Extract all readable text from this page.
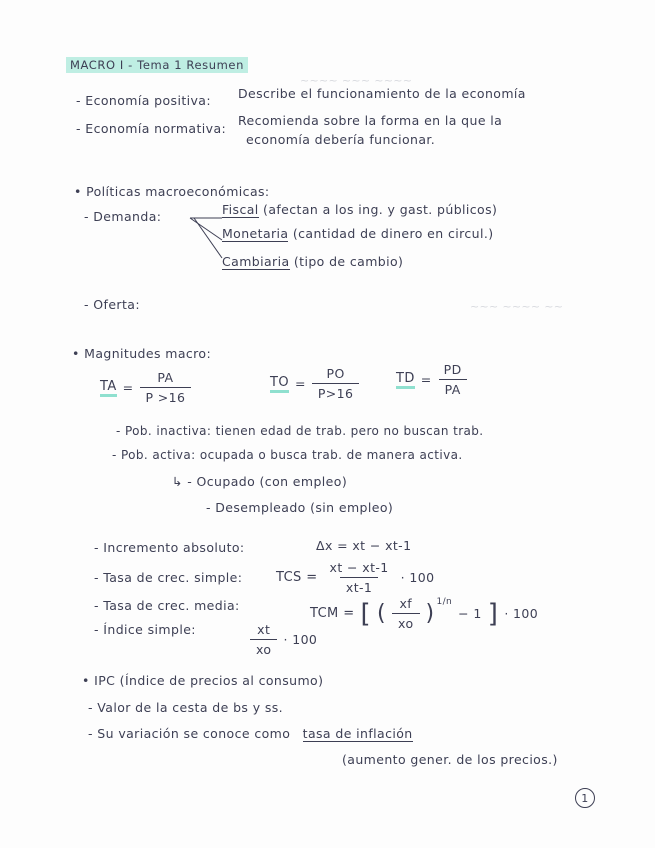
~~~~ ~~~ ~~~~
~~~ ~~~~ ~~
MACRO I - Tema 1 Resumen
- Economía positiva: Describe el funcionamiento de la economía
- Economía normativa:
Recomienda sobre la forma en la que la
economía debería funcionar.
• Políticas macroeconómicas:
- Demanda:	Fiscal (afectan a los ing. y gast. públicos)
Monetaria (cantidad de dinero en circul.)
Cambiaria (tipo de cambio)
- Oferta:
• Magnitudes macro:
TA = $\frac{PA}{P >16}$	TO = $\frac{PO}{P>16}$	TD = $\frac{PD}{PA}$
- Pob. inactiva: tienen edad de trab. pero no buscan trab.
- Pob. activa: ocupada o busca trab. de manera activa.
↳ - Ocupado (con empleo)
- Desempleado (sin empleo)
- Incremento absoluto:	Δx = xt − xt-1
- Tasa de crec. simple:	TCS = $\frac{xt - xt-1}{xt-1} \cdot 100$
- Tasa de crec. media:
TCM = [ ( $\frac{xf}{xo}$ ) 1/n
− 1 ] · 100
- Índice simple:	$\frac{xt}{xo} \cdot 100$
• IPC (Índice de precios al consumo)
- Valor de la cesta de bs y ss.
- Su variación se conoce como tasa de inflación
(aumento gener. de los precios.)
1
